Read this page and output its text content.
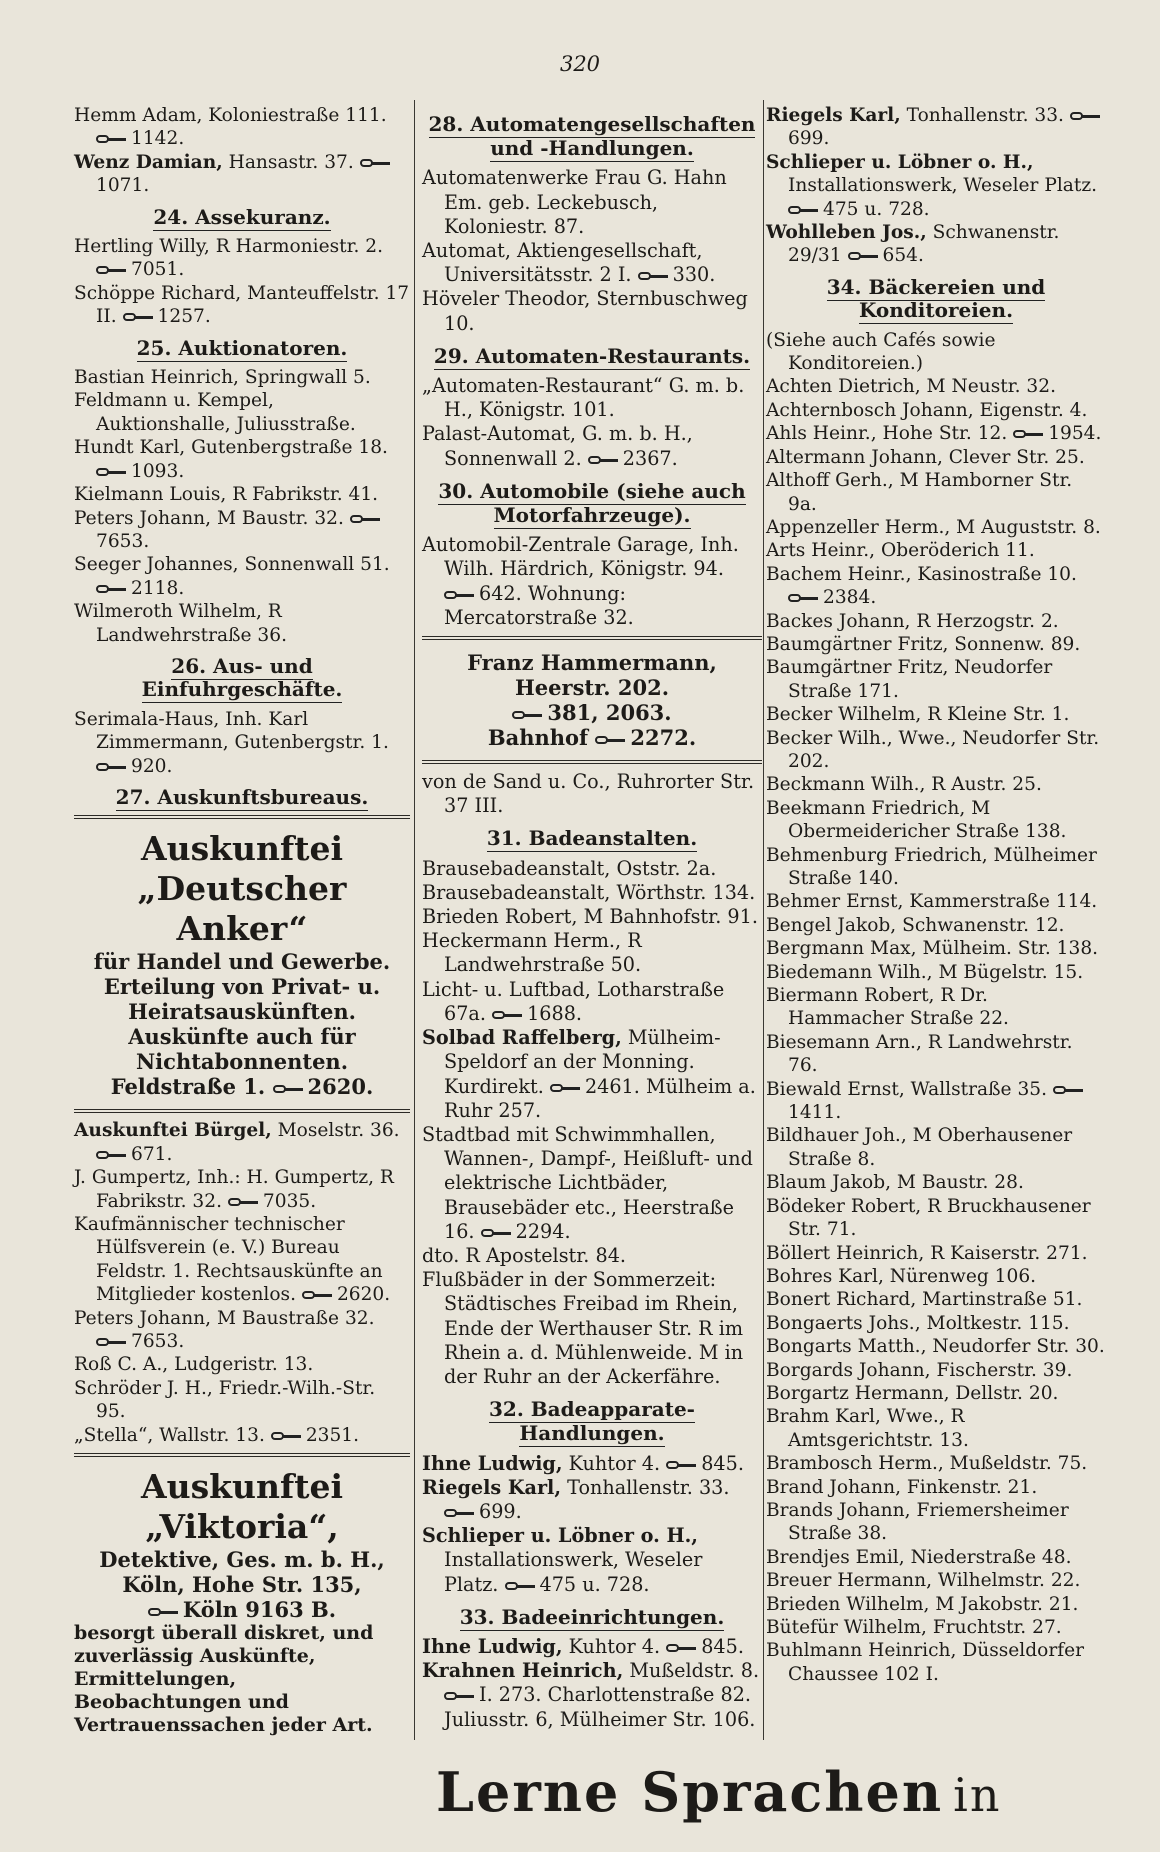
320
Hemm Adam, Koloniestraße 111. 1142.
Wenz Damian, Hansastr. 37. 1071.
24. Assekuranz.
Hertling Willy, R Harmoniestr. 2. 7051.
Schöppe Richard, Manteuffelstr. 17 II. 1257.
25. Auktionatoren.
Bastian Heinrich, Springwall 5.
Feldmann u. Kempel, Auktionshalle, Juliusstraße.
Hundt Karl, Gutenbergstraße 18. 1093.
Kielmann Louis, R Fabrikstr. 41.
Peters Johann, M Baustr. 32. 7653.
Seeger Johannes, Sonnenwall 51. 2118.
Wilmeroth Wilhelm, R Landwehrstraße 36.
26. Aus- und Einfuhrgeschäfte.
Serimala-Haus, Inh. Karl Zimmermann, Gutenbergstr. 1. 920.
27. Auskunftsbureaus.
Auskunftei
„Deutscher Anker“
für Handel und Gewerbe.
Erteilung von Privat- u. Heiratsauskünften.
Auskünfte auch für Nichtabonnenten.
Feldstraße 1. 2620.
Auskunftei Bürgel, Moselstr. 36. 671.
J. Gumpertz, Inh.: H. Gumpertz, R Fabrikstr. 32. 7035.
Kaufmännischer technischer Hülfsverein (e. V.) Bureau Feldstr. 1. Rechtsauskünfte an Mitglieder kostenlos. 2620.
Peters Johann, M Baustraße 32. 7653.
Roß C. A., Ludgeristr. 13.
Schröder J. H., Friedr.-Wilh.-Str. 95.
„Stella“, Wallstr. 13. 2351.
Auskunftei „Viktoria“,
Detektive, Ges. m. b. H.,
Köln, Hohe Str. 135,
Köln 9163 B.
besorgt überall diskret, und zuverlässig Auskünfte, Ermittelungen, Beobachtungen und Vertrauenssachen jeder Art.
28. Automatengesellschaften und -Handlungen.
Automatenwerke Frau G. Hahn Em. geb. Leckebusch, Koloniestr. 87.
Automat, Aktiengesellschaft, Universitätsstr. 2 I. 330.
Höveler Theodor, Sternbuschweg 10.
29. Automaten-Restaurants.
„Automaten-Restaurant“ G. m. b. H., Königstr. 101.
Palast-Automat, G. m. b. H., Sonnenwall 2. 2367.
30. Automobile (siehe auch Motorfahrzeuge).
Automobil-Zentrale Garage, Inh. Wilh. Härdrich, Königstr. 94. 642. Wohnung: Mercatorstraße 32.
Franz Hammermann, Heerstr. 202.
381, 2063.
Bahnhof 2272.
von de Sand u. Co., Ruhrorter Str. 37 III.
31. Badeanstalten.
Brausebadeanstalt, Oststr. 2a.
Brausebadeanstalt, Wörthstr. 134.
Brieden Robert, M Bahnhofstr. 91.
Heckermann Herm., R Landwehrstraße 50.
Licht- u. Luftbad, Lotharstraße 67a. 1688.
Solbad Raffelberg, Mülheim-Speldorf an der Monning. Kurdirekt. 2461. Mülheim a. Ruhr 257.
Stadtbad mit Schwimmhallen, Wannen-, Dampf-, Heißluft- und elektrische Lichtbäder, Brausebäder etc., Heerstraße 16. 2294.
dto. R Apostelstr. 84.
Flußbäder in der Sommerzeit: Städtisches Freibad im Rhein, Ende der Werthauser Str. R im Rhein a. d. Mühlenweide. M in der Ruhr an der Ackerfähre.
32. Badeapparate-Handlungen.
Ihne Ludwig, Kuhtor 4. 845.
Riegels Karl, Tonhallenstr. 33. 699.
Schlieper u. Löbner o. H., Installationswerk, Weseler Platz. 475 u. 728.
33. Badeeinrichtungen.
Ihne Ludwig, Kuhtor 4. 845.
Krahnen Heinrich, Mußeldstr. 8. I. 273. Charlottenstraße 82. Juliusstr. 6, Mülheimer Str. 106.
Riegels Karl, Tonhallenstr. 33. 699.
Schlieper u. Löbner o. H., Installationswerk, Weseler Platz. 475 u. 728.
Wohlleben Jos., Schwanenstr. 29/31 654.
34. Bäckereien und Konditoreien.
(Siehe auch Cafés sowie Konditoreien.)
Achten Dietrich, M Neustr. 32.
Achternbosch Johann, Eigenstr. 4.
Ahls Heinr., Hohe Str. 12. 1954.
Altermann Johann, Clever Str. 25.
Althoff Gerh., M Hamborner Str. 9a.
Appenzeller Herm., M Auguststr. 8.
Arts Heinr., Oberöderich 11.
Bachem Heinr., Kasinostraße 10. 2384.
Backes Johann, R Herzogstr. 2.
Baumgärtner Fritz, Sonnenw. 89.
Baumgärtner Fritz, Neudorfer Straße 171.
Becker Wilhelm, R Kleine Str. 1.
Becker Wilh., Wwe., Neudorfer Str. 202.
Beckmann Wilh., R Austr. 25.
Beekmann Friedrich, M Obermeidericher Straße 138.
Behmenburg Friedrich, Mülheimer Straße 140.
Behmer Ernst, Kammerstraße 114.
Bengel Jakob, Schwanenstr. 12.
Bergmann Max, Mülheim. Str. 138.
Biedemann Wilh., M Bügelstr. 15.
Biermann Robert, R Dr. Hammacher Straße 22.
Biesemann Arn., R Landwehrstr. 76.
Biewald Ernst, Wallstraße 35. 1411.
Bildhauer Joh., M Oberhausener Straße 8.
Blaum Jakob, M Baustr. 28.
Bödeker Robert, R Bruckhausener Str. 71.
Böllert Heinrich, R Kaiserstr. 271.
Bohres Karl, Nürenweg 106.
Bonert Richard, Martinstraße 51.
Bongaerts Johs., Moltkestr. 115.
Bongarts Matth., Neudorfer Str. 30.
Borgards Johann, Fischerstr. 39.
Borgartz Hermann, Dellstr. 20.
Brahm Karl, Wwe., R Amtsgerichtstr. 13.
Brambosch Herm., Mußeldstr. 75.
Brand Johann, Finkenstr. 21.
Brands Johann, Friemersheimer Straße 38.
Brendjes Emil, Niederstraße 48.
Breuer Hermann, Wilhelmstr. 22.
Brieden Wilhelm, M Jakobstr. 21.
Bütefür Wilhelm, Fruchtstr. 27.
Buhlmann Heinrich, Düsseldorfer Chaussee 102 I.
Lerne Sprachen in
